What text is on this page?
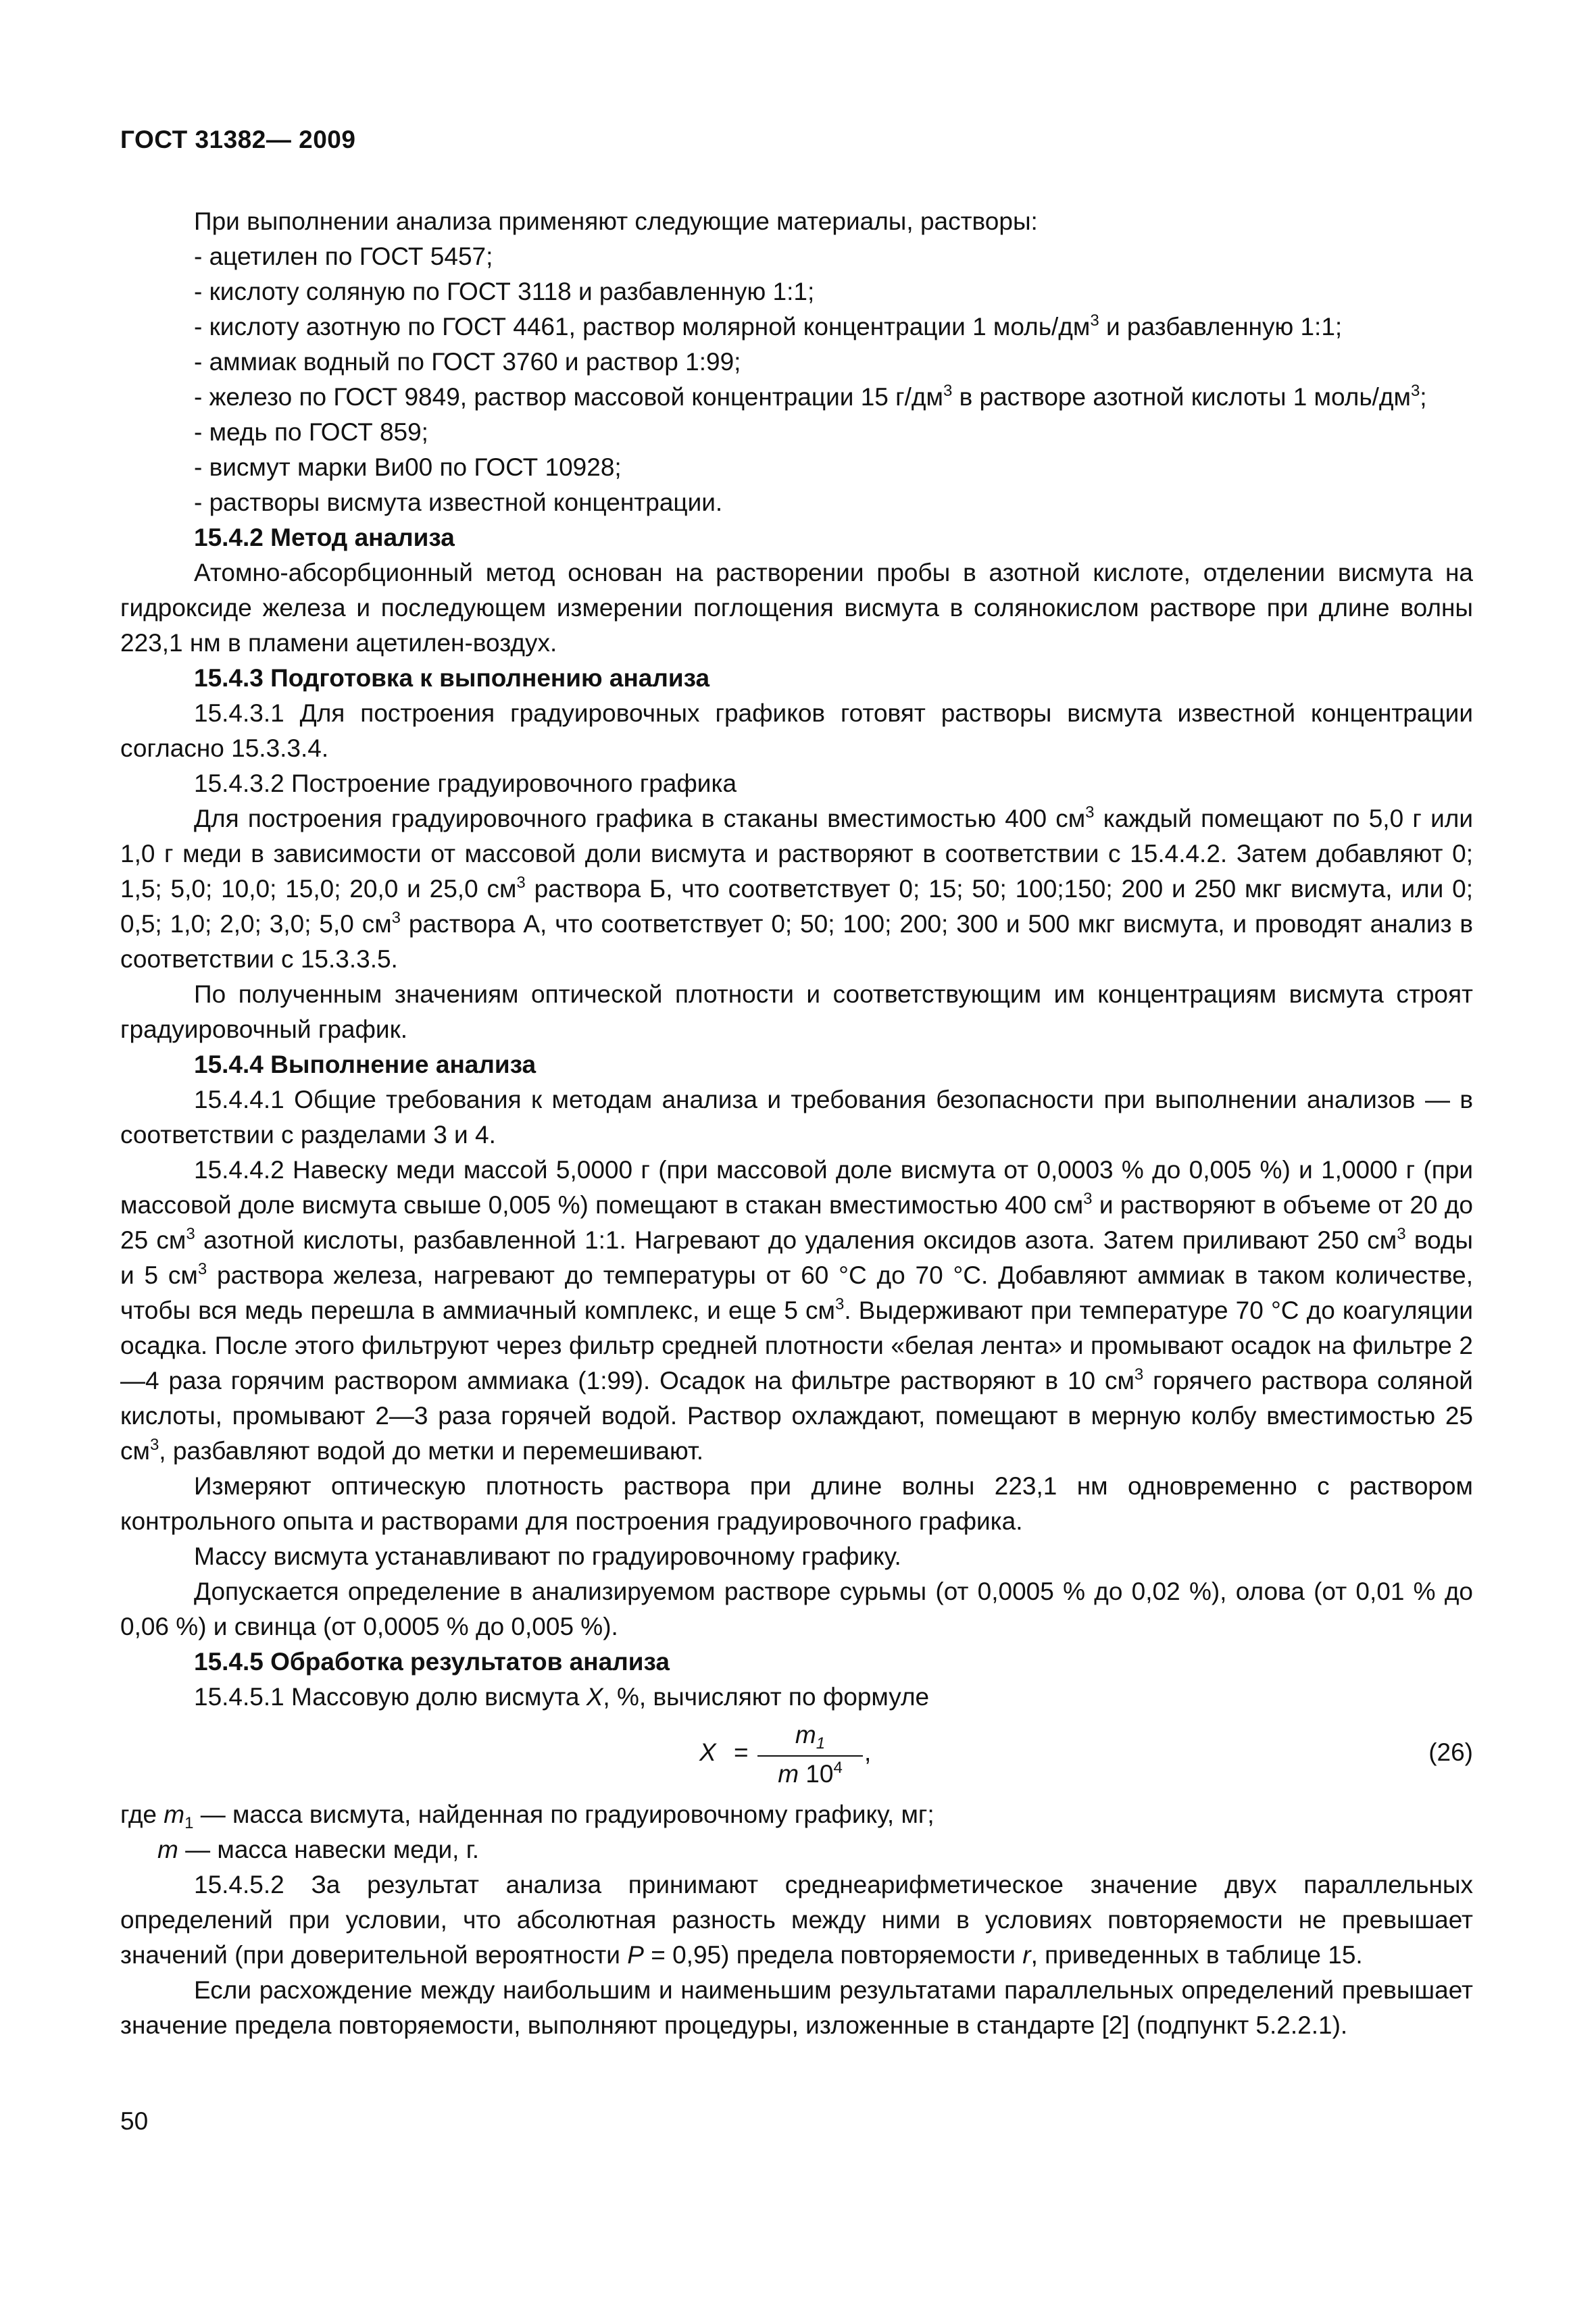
ГОСТ 31382— 2009

При выполнении анализа применяют следующие материалы, растворы:

- ацетилен по ГОСТ 5457;

- кислоту соляную по ГОСТ 3118 и разбавленную 1:1;

- кислоту азотную по ГОСТ 4461, раствор молярной концентрации 1 моль/$дм^3$ и разбавленную 1:1;

- аммиак водный по ГОСТ 3760 и раствор 1:99;

- железо по ГОСТ 9849, раствор массовой концентрации 15 $г/дм^3$ в растворе азотной кислоты 1 моль/$дм^3$;

- медь по ГОСТ 859;

- висмут марки Ви00 по ГОСТ 10928;

- растворы висмута известной концентрации.

15.4.2 Метод анализа

Атомно-абсорбционный метод основан на растворении пробы в азотной кислоте, отделении висмута на гидроксиде железа и последующем измерении поглощения висмута в солянокислом растворе при длине волны 223,1 нм в пламени ацетилен-воздух.

15.4.3 Подготовка к выполнению анализа

15.4.3.1 Для построения градуировочных графиков готовят растворы висмута известной концентрации согласно 15.3.3.4.

15.4.3.2 Построение градуировочного графика

Для построения градуировочного графика в стаканы вместимостью 400 $см^3$ каждый помещают по 5,0 г или 1,0 г меди в зависимости от массовой доли висмута и растворяют в соответствии с 15.4.4.2. Затем добавляют 0; 1,5; 5,0; 10,0; 15,0; 20,0 и 25,0 $см^3$ раствора Б, что соответствует 0; 15; 50; 100;150; 200 и 250 мкг висмута, или 0; 0,5; 1,0; 2,0; 3,0; 5,0 $см^3$ раствора А, что соответствует 0; 50; 100; 200; 300 и 500 мкг висмута, и проводят анализ в соответствии с 15.3.3.5.

По полученным значениям оптической плотности и соответствующим им концентрациям висмута строят градуировочный график.

15.4.4 Выполнение анализа

15.4.4.1 Общие требования к методам анализа и требования безопасности при выполнении анализов — в соответствии с разделами 3 и 4.

15.4.4.2 Навеску меди массой 5,0000 г (при массовой доле висмута от 0,0003 % до 0,005 %) и 1,0000 г (при массовой доле висмута свыше 0,005 %) помещают в стакан вместимостью 400 $см^3$ и растворяют в объеме от 20 до 25 $см^3$ азотной кислоты, разбавленной 1:1. Нагревают до удаления оксидов азота. Затем приливают 250 $см^3$ воды и 5 $см^3$ раствора железа, нагревают до температуры от 60 °С до 70 °С. Добавляют аммиак в таком количестве, чтобы вся медь перешла в аммиачный комплекс, и еще 5 $см^3$. Выдерживают при температуре 70 °С до коагуляции осадка. После этого фильтруют через фильтр средней плотности «белая лента» и промывают осадок на фильтре 2—4 раза горячим раствором аммиака (1:99). Осадок на фильтре растворяют в 10 $см^3$ горячего раствора соляной кислоты, промывают 2—3 раза горячей водой. Раствор охлаждают, помещают в мерную колбу вместимостью 25 $см^3$, разбавляют водой до метки и перемешивают.

Измеряют оптическую плотность раствора при длине волны 223,1 нм одновременно с раствором контрольного опыта и растворами для построения градуировочного графика.

Массу висмута устанавливают по градуировочному графику.

Допускается определение в анализируемом растворе сурьмы (от 0,0005 % до 0,02 %), олова (от 0,01 % до 0,06 %) и свинца (от 0,0005 % до 0,005 %).

15.4.5 Обработка результатов анализа

15.4.5.1 Массовую долю висмута X, %, вычисляют по формуле

X =
$m_1$
m $10^4$
,	(26)

где $m_1$ — масса висмута, найденная по градуировочному графику, мг;

m — масса навески меди, г.

15.4.5.2 За результат анализа принимают среднеарифметическое значение двух параллельных определений при условии, что абсолютная разность между ними в условиях повторяемости не превышает значений (при доверительной вероятности P = 0,95) предела повторяемости r, приведенных в таблице 15.

Если расхождение между наибольшим и наименьшим результатами параллельных определений превышает значение предела повторяемости, выполняют процедуры, изложенные в стандарте [2] (подпункт 5.2.2.1).

50
